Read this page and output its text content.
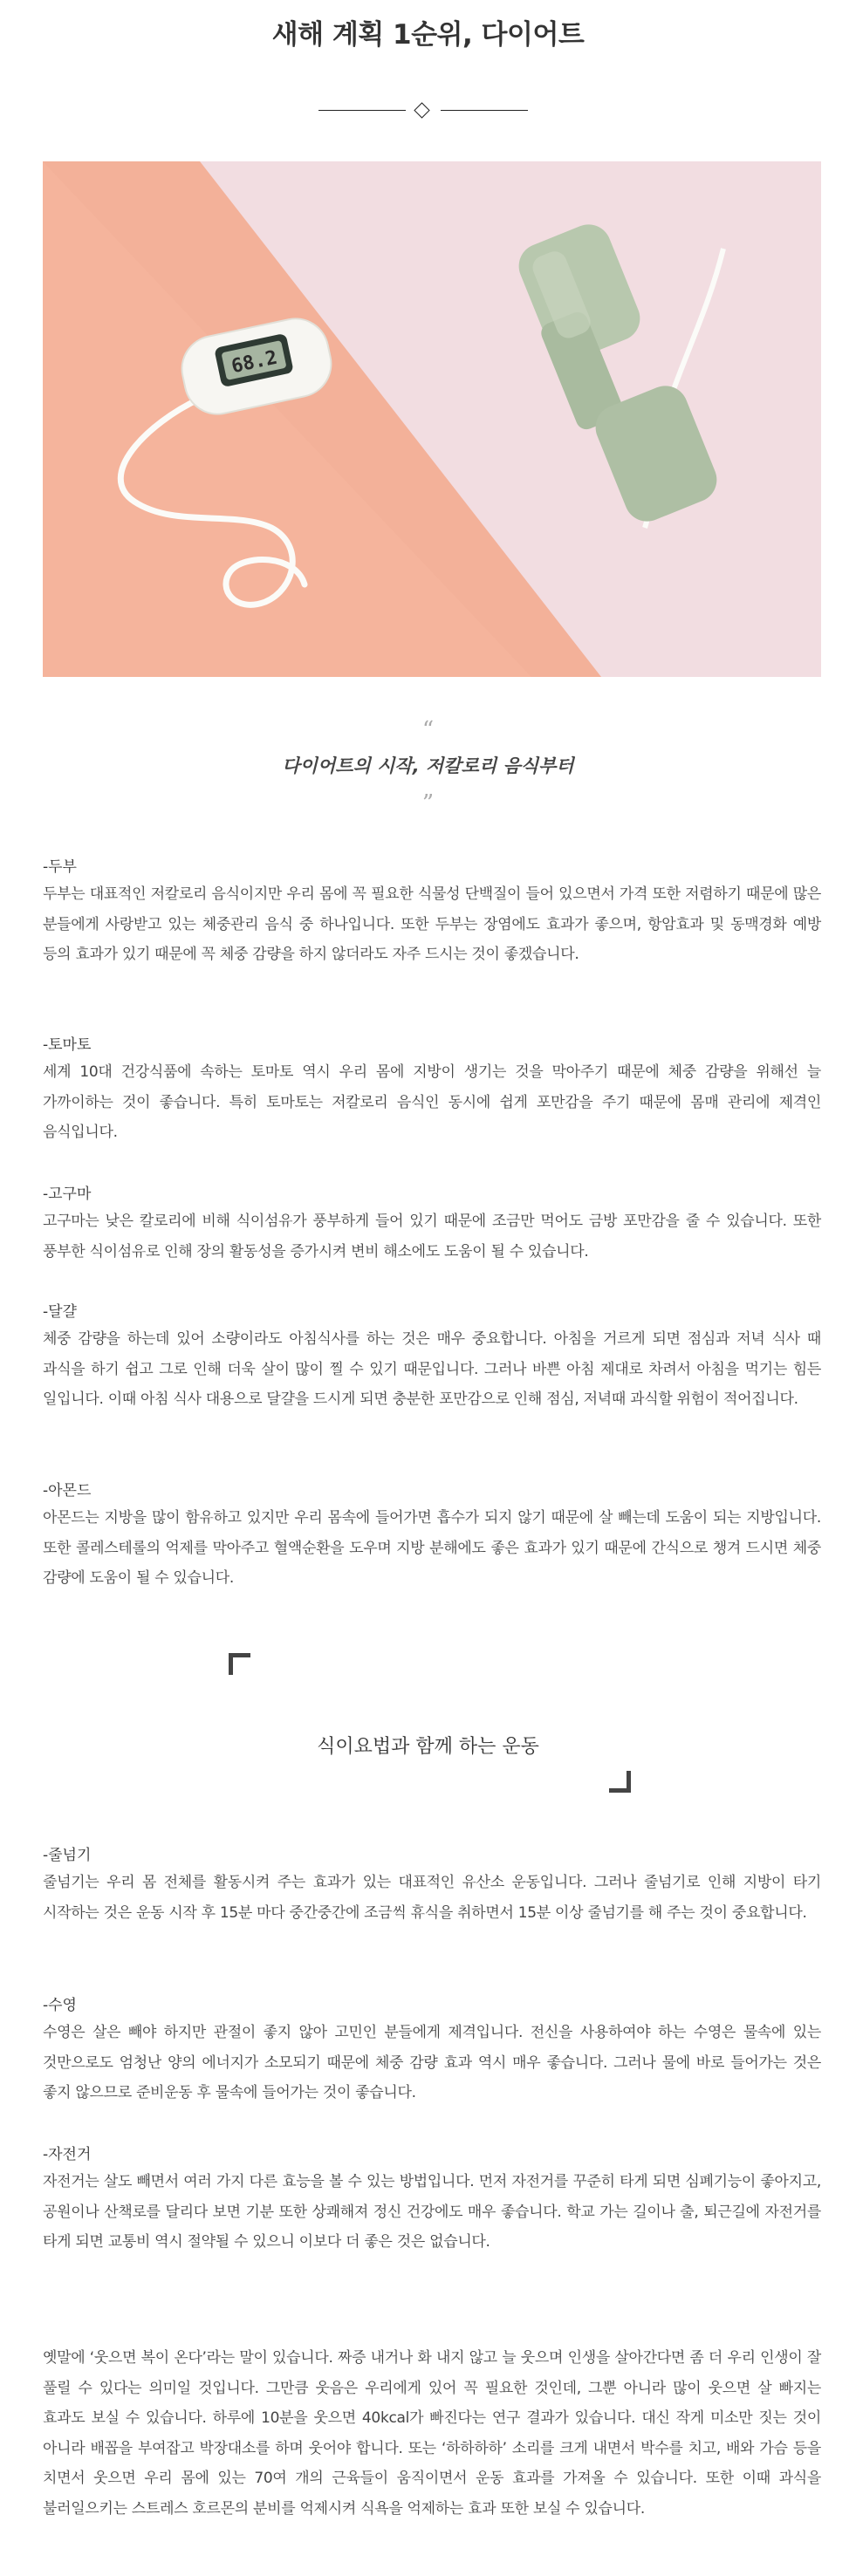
새해 계획 1순위, 다이어트
68.2
“
다이어트의 시작, 저칼로리 음식부터
”
-두부

두부는 대표적인 저칼로리 음식이지만 우리 몸에 꼭 필요한 식물성 단백질이 들어 있으면서 가격 또한 저렴하기 때문에 많은 분들에게 사랑받고 있는 체중관리 음식 중 하나입니다. 또한 두부는 장염에도 효과가 좋으며, 항암효과 및 동맥경화 예방 등의 효과가 있기 때문에 꼭 체중 감량을 하지 않더라도 자주 드시는 것이 좋겠습니다.

-토마토

세계 10대 건강식품에 속하는 토마토 역시 우리 몸에 지방이 생기는 것을 막아주기 때문에 체중 감량을 위해선 늘 가까이하는 것이 좋습니다. 특히 토마토는 저칼로리 음식인 동시에 쉽게 포만감을 주기 때문에 몸매 관리에 제격인 음식입니다.

-고구마

고구마는 낮은 칼로리에 비해 식이섬유가 풍부하게 들어 있기 때문에 조금만 먹어도 금방 포만감을 줄 수 있습니다. 또한 풍부한 식이섬유로 인해 장의 활동성을 증가시켜 변비 해소에도 도움이 될 수 있습니다.

-달걀

체중 감량을 하는데 있어 소량이라도 아침식사를 하는 것은 매우 중요합니다. 아침을 거르게 되면 점심과 저녁 식사 때 과식을 하기 쉽고 그로 인해 더욱 살이 많이 찔 수 있기 때문입니다. 그러나 바쁜 아침 제대로 차려서 아침을 먹기는 힘든 일입니다. 이때 아침 식사 대용으로 달걀을 드시게 되면 충분한 포만감으로 인해 점심, 저녁때 과식할 위험이 적어집니다.

-아몬드

아몬드는 지방을 많이 함유하고 있지만 우리 몸속에 들어가면 흡수가 되지 않기 때문에 살 빼는데 도움이 되는 지방입니다. 또한 콜레스테롤의 억제를 막아주고 혈액순환을 도우며 지방 분해에도 좋은 효과가 있기 때문에 간식으로 챙겨 드시면 체중 감량에 도움이 될 수 있습니다.

식이요법과 함께 하는 운동
-줄넘기

줄넘기는 우리 몸 전체를 활동시켜 주는 효과가 있는 대표적인 유산소 운동입니다. 그러나 줄넘기로 인해 지방이 타기 시작하는 것은 운동 시작 후 15분 마다 중간중간에 조금씩 휴식을 취하면서 15분 이상 줄넘기를 해 주는 것이 중요합니다.

-수영

수영은 살은 빼야 하지만 관절이 좋지 않아 고민인 분들에게 제격입니다. 전신을 사용하여야 하는 수영은 물속에 있는 것만으로도 엄청난 양의 에너지가 소모되기 때문에 체중 감량 효과 역시 매우 좋습니다. 그러나 물에 바로 들어가는 것은 좋지 않으므로 준비운동 후 물속에 들어가는 것이 좋습니다.

-자전거

자전거는 살도 빼면서 여러 가지 다른 효능을 볼 수 있는 방법입니다. 먼저 자전거를 꾸준히 타게 되면 심폐기능이 좋아지고, 공원이나 산책로를 달리다 보면 기분 또한 상쾌해져 정신 건강에도 매우 좋습니다. 학교 가는 길이나 출, 퇴근길에 자전거를 타게 되면 교통비 역시 절약될 수 있으니 이보다 더 좋은 것은 없습니다.

옛말에 ‘웃으면 복이 온다’라는 말이 있습니다. 짜증 내거나 화 내지 않고 늘 웃으며 인생을 살아간다면 좀 더 우리 인생이 잘 풀릴 수 있다는 의미일 것입니다. 그만큼 웃음은 우리에게 있어 꼭 필요한 것인데, 그뿐 아니라 많이 웃으면 살 빠지는 효과도 보실 수 있습니다. 하루에 10분을 웃으면 40kcal가 빠진다는 연구 결과가 있습니다. 대신 작게 미소만 짓는 것이 아니라 배꼽을 부여잡고 박장대소를 하며 웃어야 합니다. 또는 ‘하하하하’ 소리를 크게 내면서 박수를 치고, 배와 가슴 등을 치면서 웃으면 우리 몸에 있는 70여 개의 근육들이 움직이면서 운동 효과를 가져올 수 있습니다. 또한 이때 과식을 불러일으키는 스트레스 호르몬의 분비를 억제시켜 식욕을 억제하는 효과 또한 보실 수 있습니다.
